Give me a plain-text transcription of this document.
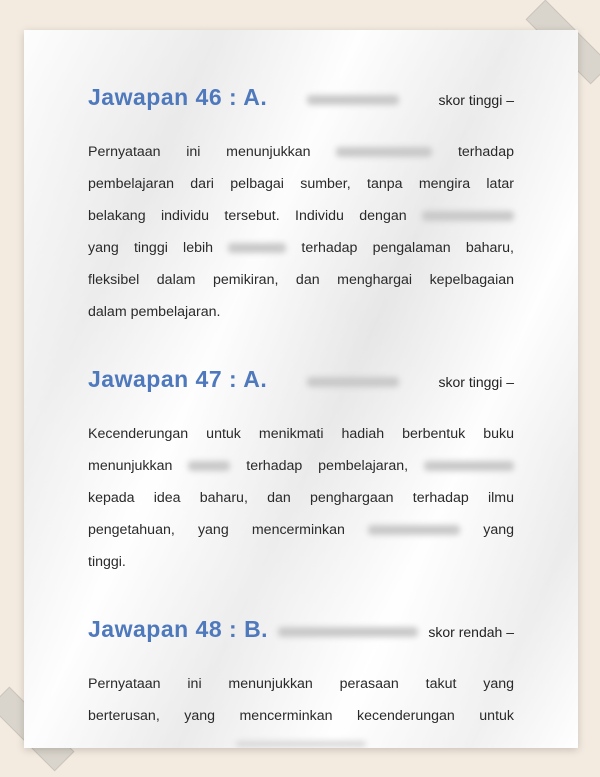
Jawapan 46 : A.	skor tinggi –
Pernyataan ini menunjukkan	terhadap
pembelajaran dari pelbagai sumber, tanpa mengira latar
belakang individu tersebut. Individu dengan
yang tinggi lebih	terhadap pengalaman baharu,
fleksibel dalam pemikiran, dan menghargai kepelbagaian
dalam pembelajaran.
Jawapan 47 : A.	skor tinggi –
Kecenderungan untuk menikmati hadiah berbentuk buku
menunjukkan	terhadap pembelajaran,
kepada idea baharu, dan penghargaan terhadap ilmu
pengetahuan, yang mencerminkan	yang
tinggi.
Jawapan 48 : B.	skor rendah –
Pernyataan ini menunjukkan perasaan takut yang
berterusan, yang mencerminkan kecenderungan untuk
